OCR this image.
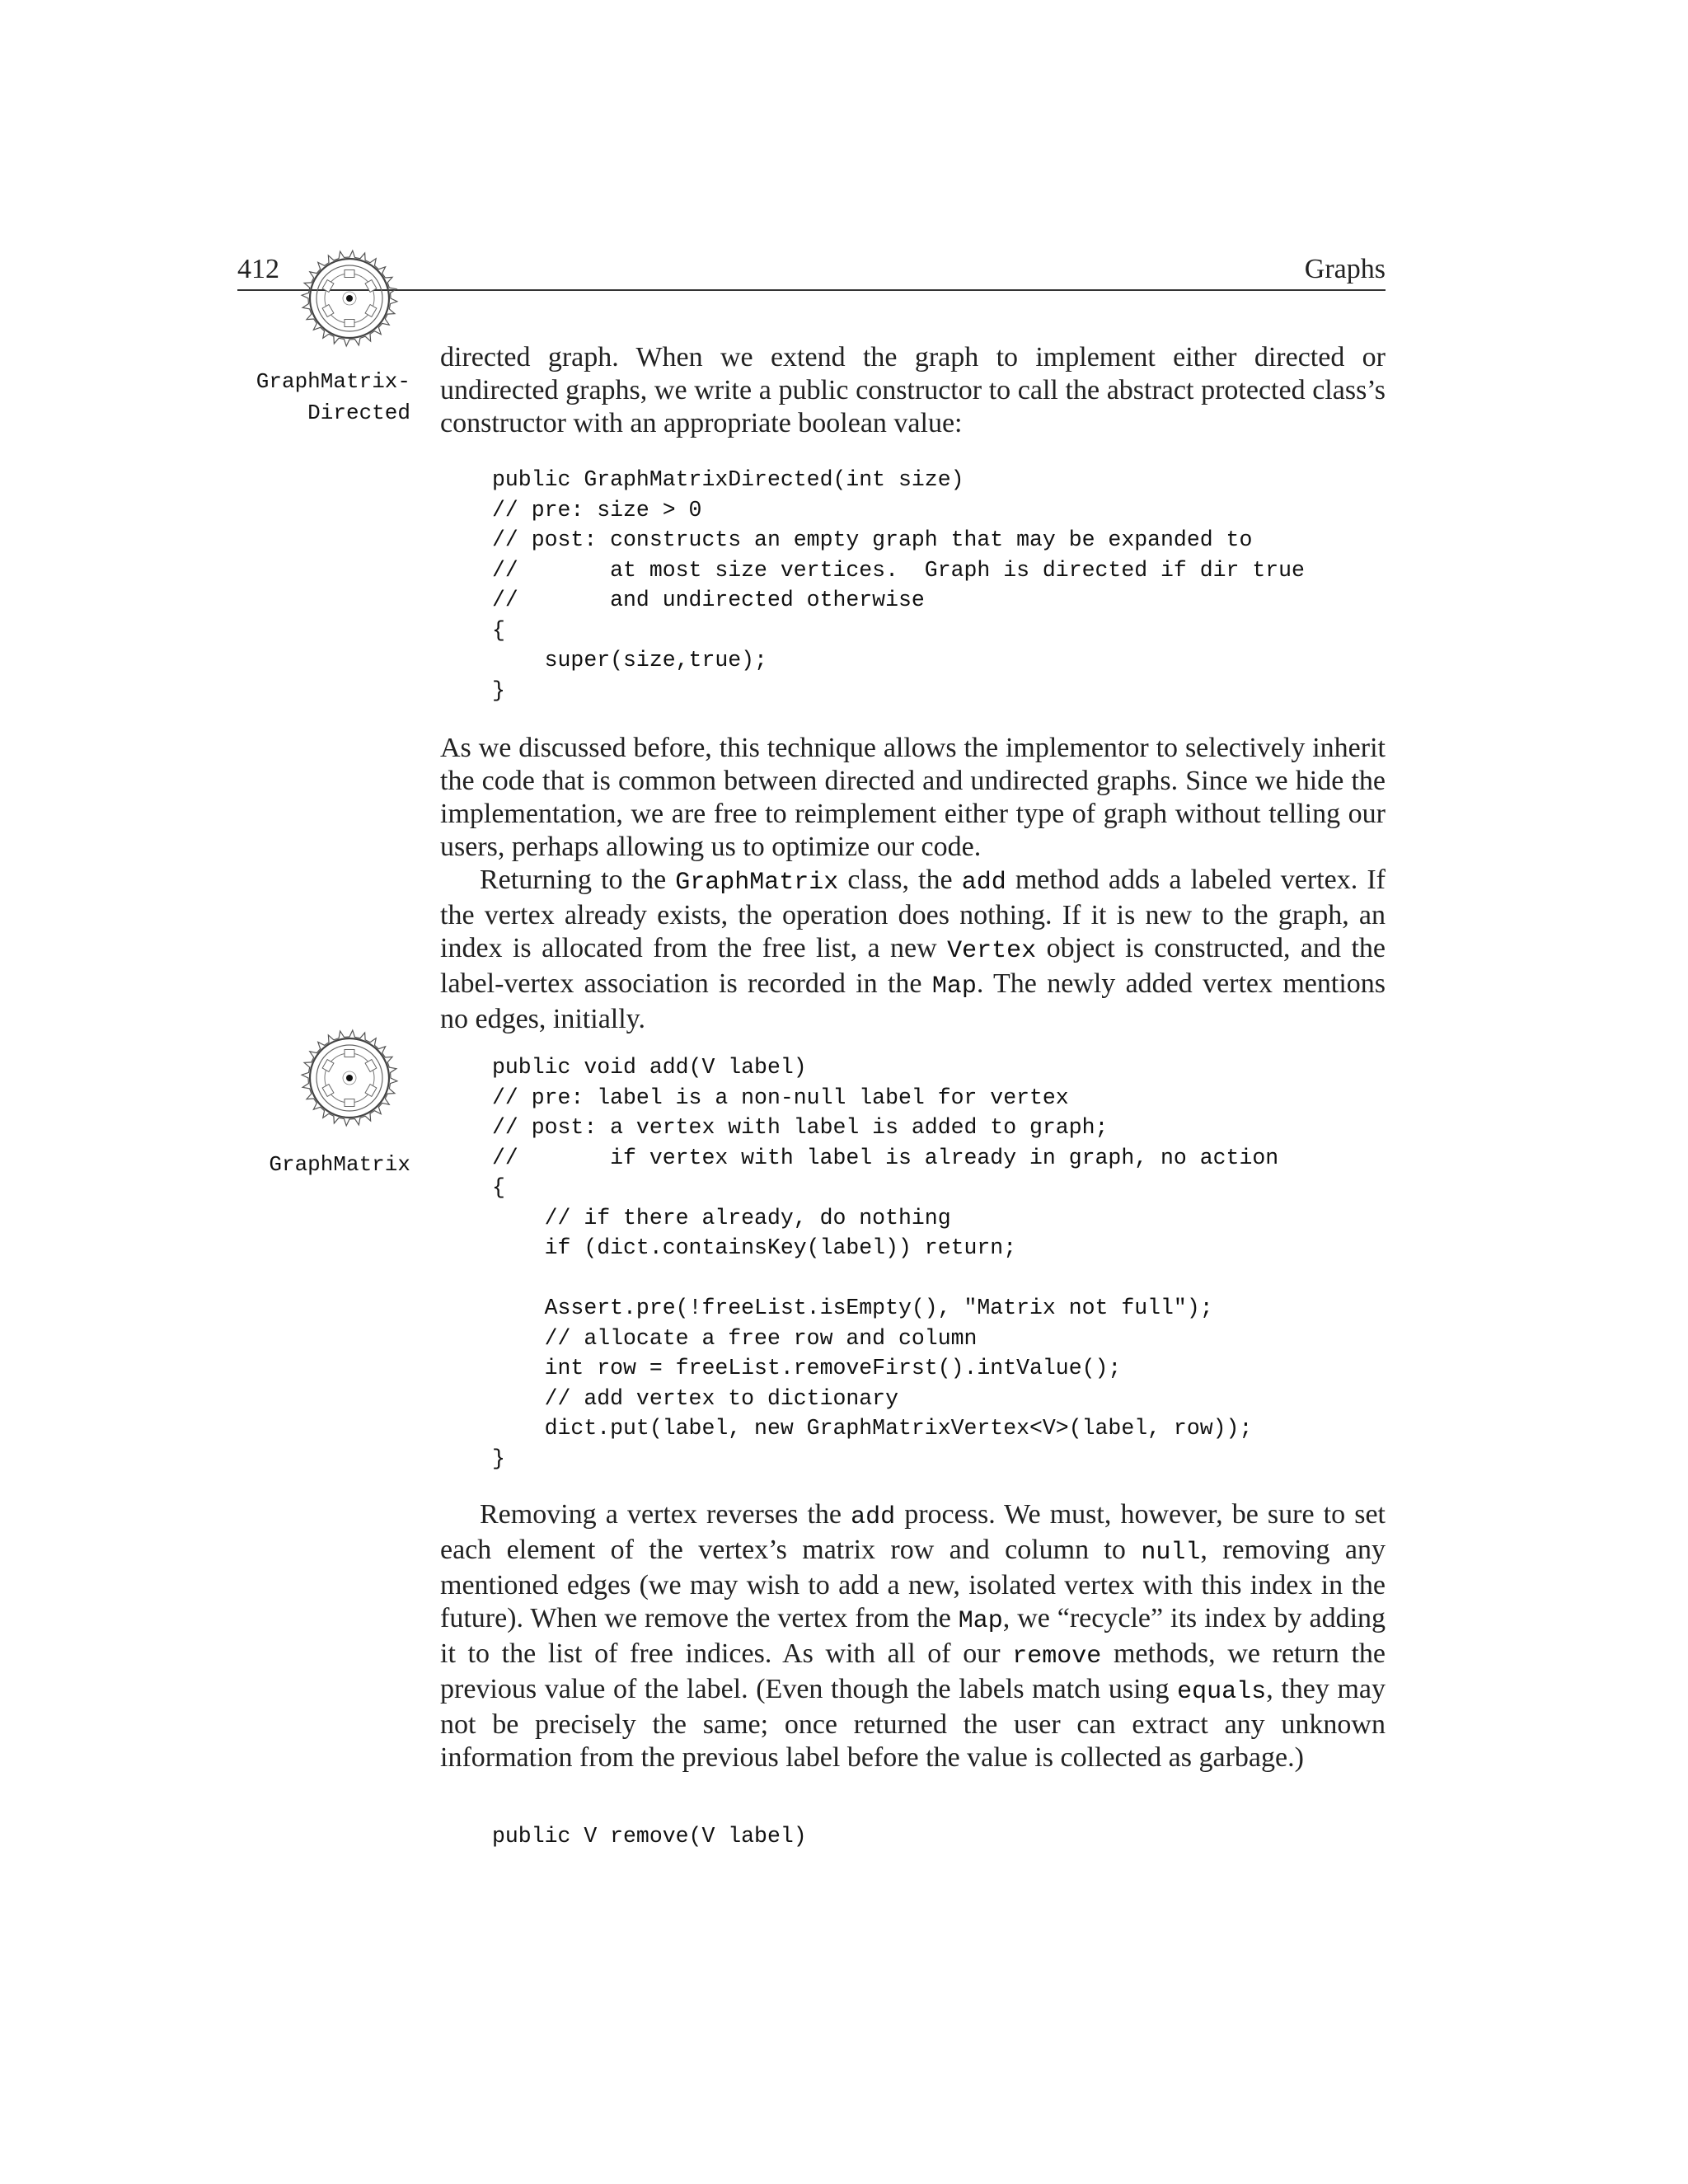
412	Graphs
GraphMatrix-
Directed
GraphMatrix

directed graph. When we extend the graph to implement either directed or undirected graphs, we write a public constructor to call the abstract protected class’s constructor with an appropriate boolean value:

public GraphMatrixDirected(int size)
// pre: size > 0
// post: constructs an empty graph that may be expanded to
//       at most size vertices.  Graph is directed if dir true
//       and undirected otherwise
{
super(size,true);
}

As we discussed before, this technique allows the implementor to selectively inherit the code that is common between directed and undirected graphs. Since we hide the implementation, we are free to reimplement either type of graph without telling our users, perhaps allowing us to optimize our code.

Returning to the GraphMatrix class, the add method adds a labeled vertex. If the vertex already exists, the operation does nothing. If it is new to the graph, an index is allocated from the free list, a new Vertex object is constructed, and the label-vertex association is recorded in the Map. The newly added vertex mentions no edges, initially.

public void add(V label)
// pre: label is a non-null label for vertex
// post: a vertex with label is added to graph;
//       if vertex with label is already in graph, no action
{
// if there already, do nothing
if (dict.containsKey(label)) return;

Assert.pre(!freeList.isEmpty(), "Matrix not full");
// allocate a free row and column
int row = freeList.removeFirst().intValue();
// add vertex to dictionary
dict.put(label, new GraphMatrixVertex<V>(label, row));
}

Removing a vertex reverses the add process. We must, however, be sure to set each element of the vertex’s matrix row and column to null, removing any mentioned edges (we may wish to add a new, isolated vertex with this index in the future). When we remove the vertex from the Map, we “recycle” its index by adding it to the list of free indices. As with all of our remove methods, we return the previous value of the label. (Even though the labels match using equals, they may not be precisely the same; once returned the user can extract any unknown information from the previous label before the value is collected as garbage.)

public V remove(V label)
